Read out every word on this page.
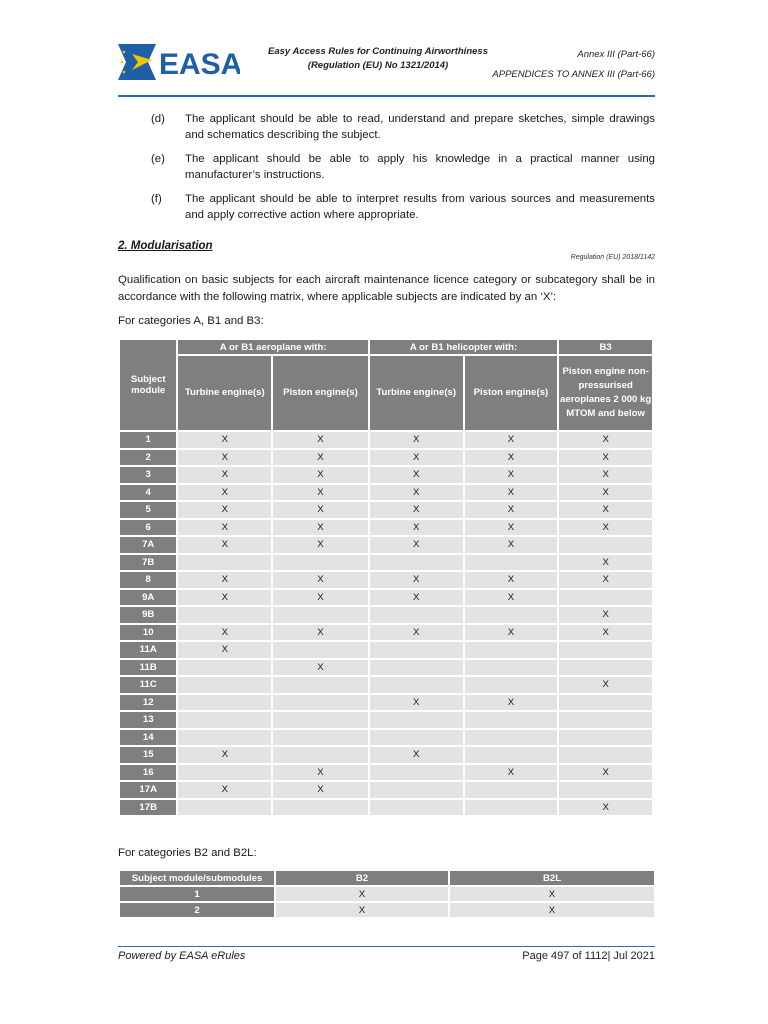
EASA	Easy Access Rules for Continuing Airworthiness
(Regulation (EU) No 1321/2014)
Annex III (Part-66)
APPENDICES TO ANNEX III (Part-66)
(d) The applicant should be able to read, understand and prepare sketches, simple drawings and schematics describing the subject.
(e) The applicant should be able to apply his knowledge in a practical manner using manufacturer’s instructions.
(f) The applicant should be able to interpret results from various sources and measurements and apply corrective action where appropriate.
2. Modularisation
Regulation (EU) 2018/1142
Qualification on basic subjects for each aircraft maintenance licence category or subcategory shall be in accordance with the following matrix, where applicable subjects are indicated by an ‘X’:
For categories A, B1 and B3:
Subject module	A or B1 aeroplane with:		A or B1 helicopter with:		B3
	Turbine engine(s)	Piston engine(s)	Turbine engine(s)	Piston engine(s)	Piston engine non-pressurised aeroplanes 2 000 kg MTOM and below
1	X	X	X	X	X
2	X	X	X	X	X
3	X	X	X	X	X
4	X	X	X	X	X
5	X	X	X	X	X
6	X	X	X	X	X
7A	X	X	X	X	
7B					X
8	X	X	X	X	X
9A	X	X	X	X	
9B					X
10	X	X	X	X	X
11A	X				
11B		X			
11C					X
12			X	X	
13					
14					
15	X		X		
16		X		X	X
17A	X	X			
17B					X
For categories B2 and B2L:
Subject module/submodules	B2	B2L
1	X	X
2	X	X
Powered by EASA eRules	Page 497 of 1112| Jul 2021
